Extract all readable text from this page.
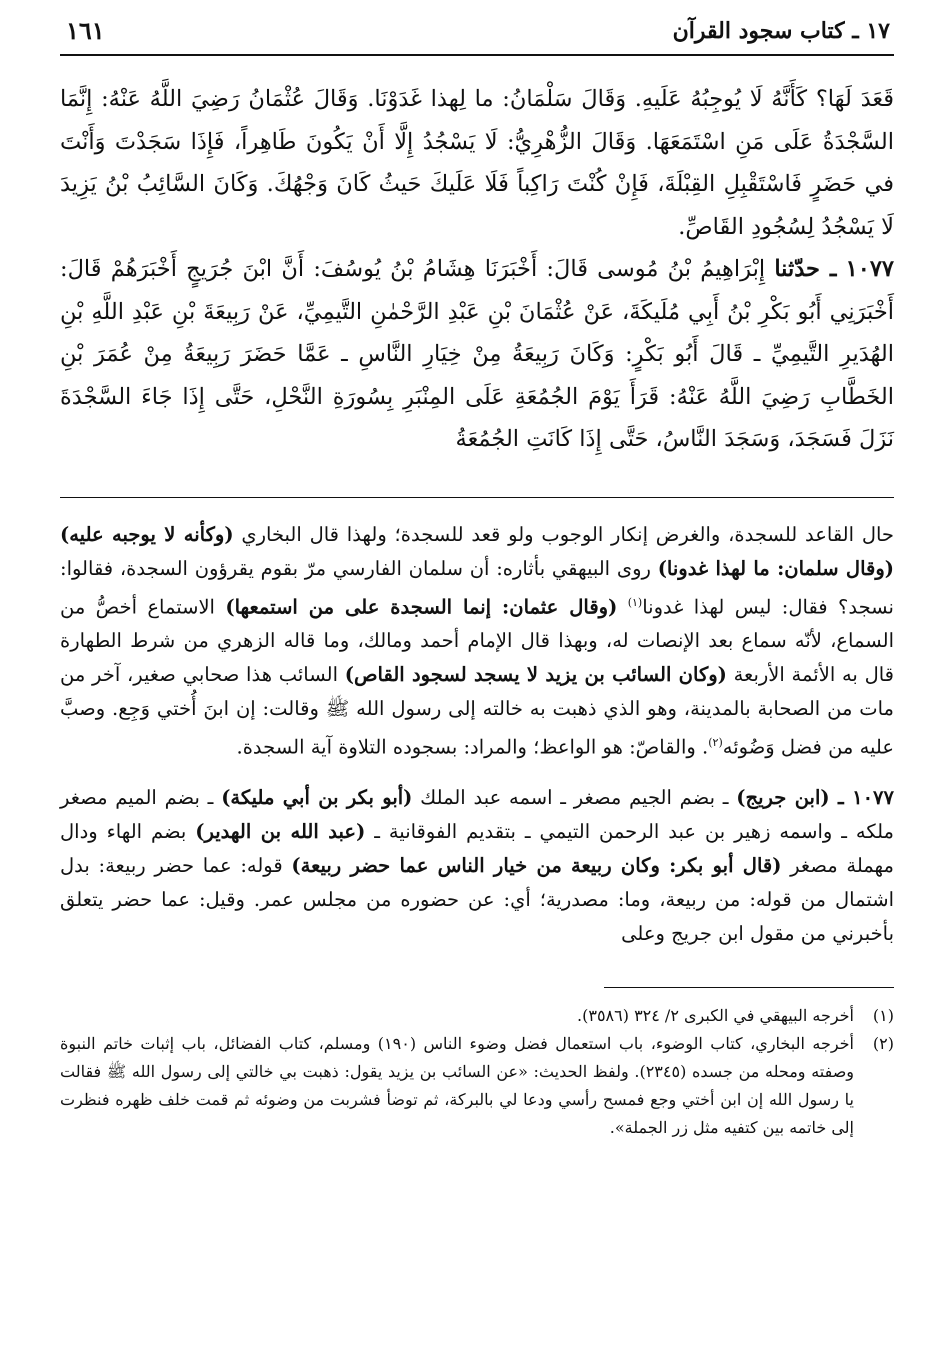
١٧ ـ كتاب سجود القرآن
١٦١

قَعَدَ لَهَا؟ كَأَنَّهُ لَا يُوجِبُهُ عَلَيهِ. وَقَالَ سَلْمَانُ: ما لِهذا غَدَوْنَا. وَقَالَ عُثْمَانُ رَضِيَ اللَّهُ عَنْهُ: إِنَّمَا السَّجْدَةُ عَلَى مَنِ اسْتَمَعَهَا. وَقَالَ الزُّهْرِيُّ: لَا يَسْجُدُ إِلَّا أَنْ يَكُونَ طَاهِراً، فَإِذَا سَجَدْتَ وَأَنْتَ في حَضَرٍ فَاسْتَقْبِلِ القِبْلَةَ، فَإِنْ كُنْتَ رَاكِباً فَلَا عَلَيكَ حَيثُ كَانَ وَجْهُكَ. وَكَانَ السَّائِبُ بْنُ يَزِيدَ لَا يَسْجُدُ لِسُجُودِ القَاصِّ.

١٠٧٧ ـ حدّثنا إِبْرَاهِيمُ بْنُ مُوسى قَالَ: أَخْبَرَنَا هِشَامُ بْنُ يُوسُفَ: أَنَّ ابْنَ جُرَيجٍ أَخْبَرَهُمْ قَالَ: أَخْبَرَنِي أَبُو بَكْرِ بْنُ أَبِي مُلَيكَةَ، عَنْ عُثْمَانَ بْنِ عَبْدِ الرَّحْمٰنِ التَّيمِيِّ، عَنْ رَبِيعَةَ بْنِ عَبْدِ اللَّهِ بْنِ الهُدَيرِ التَّيمِيِّ ـ قَالَ أَبُو بَكْرٍ: وَكَانَ رَبِيعَةُ مِنْ خِيَارِ النَّاسِ ـ عَمَّا حَضَرَ رَبِيعَةُ مِنْ عُمَرَ بْنِ الخَطَّابِ رَضِيَ اللَّهُ عَنْهُ: قَرَأَ يَوْمَ الجُمُعَةِ عَلَى المِنْبَرِ بِسُورَةِ النَّحْلِ، حَتَّى إِذَا جَاءَ السَّجْدَةَ نَزَلَ فَسَجَدَ، وَسَجَدَ النَّاسُ، حَتَّى إِذَا كَانَتِ الجُمُعَةُ

حال القاعد للسجدة، والغرض إنكار الوجوب ولو قعد للسجدة؛ ولهذا قال البخاري (وكأنه لا يوجبه عليه) (وقال سلمان: ما لهذا غدونا) روى البيهقي بأثاره: أن سلمان الفارسي مرّ بقوم يقرؤون السجدة، فقالوا: نسجد؟ فقال: ليس لهذا غدونا$^{(١)}$ (وقال عثمان: إنما السجدة على من استمعها) الاستماع أخصُّ من السماع، لأنّه سماع بعد الإنصات له، وبهذا قال الإمام أحمد ومالك، وما قاله الزهري من شرط الطهارة قال به الأئمة الأربعة (وكان السائب بن يزيد لا يسجد لسجود القاص) السائب هذا صحابي صغير، آخر من مات من الصحابة بالمدينة، وهو الذي ذهبت به خالته إلى رسول الله ﷺ وقالت: إن ابنَ أُختي وَجِع. وصبَّ عليه من فضل وَضُوئه$^{(٢)}$. والقاصّ: هو الواعظ؛ والمراد: بسجوده التلاوة آية السجدة.

١٠٧٧ ـ (ابن جريج) ـ بضم الجيم مصغر ـ اسمه عبد الملك (أبو بكر بن أبي مليكة) ـ بضم الميم مصغر ملكه ـ واسمه زهير بن عبد الرحمن التيمي ـ بتقديم الفوقانية ـ (عبد الله بن الهدير) بضم الهاء ودال مهملة مصغر (قال أبو بكر: وكان ربيعة من خيار الناس عما حضر ربيعة) قوله: عما حضر ربيعة: بدل اشتمال من قوله: من ربيعة، وما: مصدرية؛ أي: عن حضوره من مجلس عمر. وقيل: عما حضر يتعلق بأخبرني من مقول ابن جريج وعلى

(١)
أخرجه البيهقي في الكبرى ٢/ ٣٢٤ (٣٥٨٦).
(٢)
أخرجه البخاري، كتاب الوضوء، باب استعمال فضل وضوء الناس (١٩٠) ومسلم، كتاب الفضائل، باب إثبات خاتم النبوة وصفته ومحله من جسده (٢٣٤٥). ولفظ الحديث: «عن السائب بن يزيد يقول: ذهبت بي خالتي إلى رسول الله ﷺ فقالت يا رسول الله إن ابن أختي وجع فمسح رأسي ودعا لي بالبركة، ثم توضأ فشربت من وضوئه ثم قمت خلف ظهره فنظرت إلى خاتمه بين كتفيه مثل زر الجملة».
